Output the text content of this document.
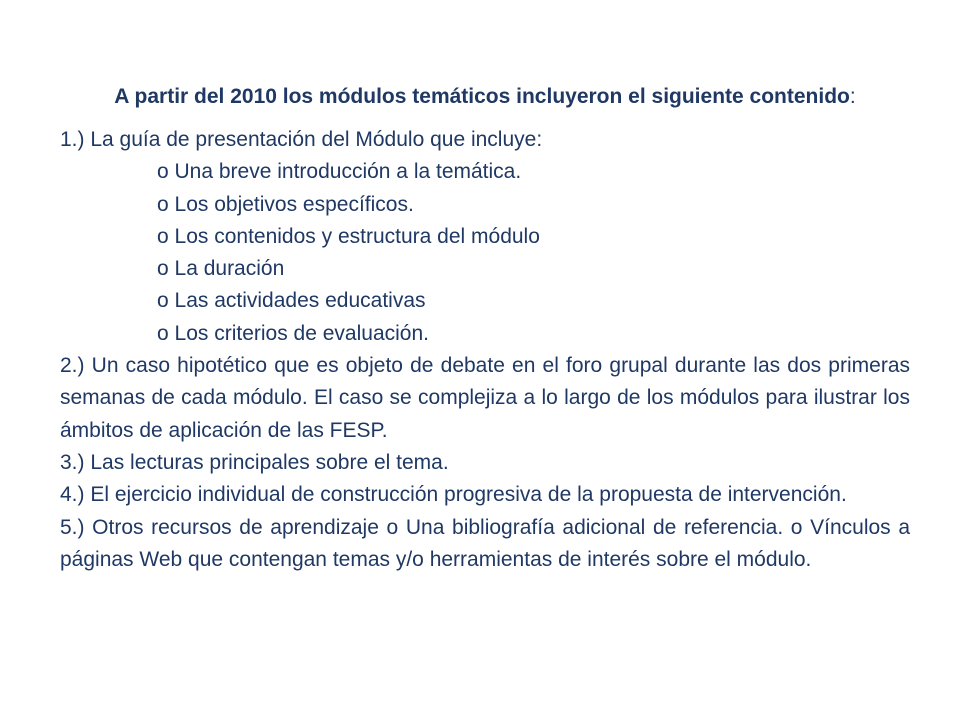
A partir del 2010 los módulos temáticos incluyeron el siguiente contenido:

1.) La guía de presentación del Módulo que incluye:

o Una breve introducción a la temática.

o Los objetivos específicos.

o Los contenidos y estructura del módulo

o La duración

o Las actividades educativas

o Los criterios de evaluación.

2.) Un caso hipotético que es objeto de debate en el foro grupal durante las dos primeras semanas de cada módulo. El caso se complejiza a lo largo de los módulos para ilustrar los ámbitos de aplicación de las FESP.

3.) Las lecturas principales sobre el tema.

4.) El ejercicio individual de construcción progresiva de la propuesta de intervención.

5.) Otros recursos de aprendizaje o Una bibliografía adicional de referencia. o Vínculos a páginas Web que contengan temas y/o herramientas de interés sobre el módulo.
